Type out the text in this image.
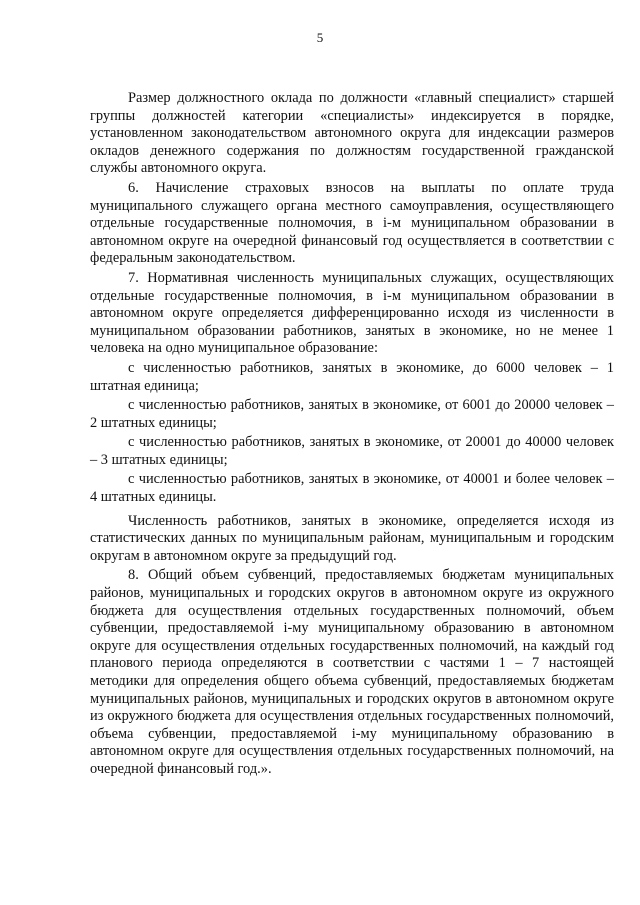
5

Размер должностного оклада по должности «главный специалист» старшей группы должностей категории «специалисты» индексируется в порядке, установленном законодательством автономного округа для индексации размеров окладов денежного содержания по должностям государственной гражданской службы автономного округа.

6. Начисление страховых взносов на выплаты по оплате труда муниципального служащего органа местного самоуправления, осуществляющего отдельные государственные полномочия, в i-м муниципальном образовании в автономном округе на очередной финансовый год осуществляется в соответствии с федеральным законодательством.

7. Нормативная численность муниципальных служащих, осуществляющих отдельные государственные полномочия, в i-м муниципальном образовании в автономном округе определяется дифференцированно исходя из численности в муниципальном образовании работников, занятых в экономике, но не менее 1 человека на одно муниципальное образование:

с численностью работников, занятых в экономике, до 6000 человек – 1 штатная единица;

с численностью работников, занятых в экономике, от 6001 до 20000 человек – 2 штатных единицы;

с численностью работников, занятых в экономике, от 20001 до 40000 человек – 3 штатных единицы;

с численностью работников, занятых в экономике, от 40001 и более человек – 4 штатных единицы.

Численность работников, занятых в экономике, определяется исходя из статистических данных по муниципальным районам, муниципальным и городским округам в автономном округе за предыдущий год.

8. Общий объем субвенций, предоставляемых бюджетам муниципальных районов, муниципальных и городских округов в автономном округе из окружного бюджета для осуществления отдельных государственных полномочий, объем субвенции, предоставляемой i-му муниципальному образованию в автономном округе для осуществления отдельных государственных полномочий, на каждый год планового периода определяются в соответствии с частями 1 – 7 настоящей методики для определения общего объема субвенций, предоставляемых бюджетам муниципальных районов, муниципальных и городских округов в автономном округе из окружного бюджета для осуществления отдельных государственных полномочий, объема субвенции, предоставляемой i-му муниципальному образованию в автономном округе для осуществления отдельных государственных полномочий, на очередной финансовый год.».
